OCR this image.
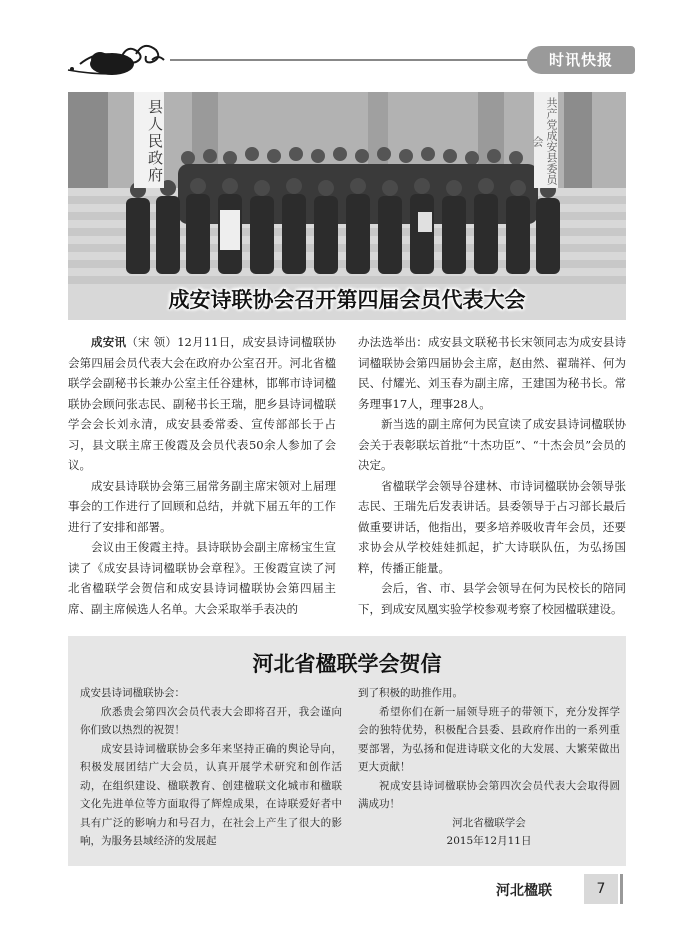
时讯快报
县人民政府	共产党成安县委员会
成安诗联协会召开第四届会员代表大会

成安讯（宋 领）12月11日，成安县诗词楹联协会第四届会员代表大会在政府办公室召开。河北省楹联学会副秘书长兼办公室主任谷建林，邯郸市诗词楹联协会顾问张志民、副秘书长王瑞，肥乡县诗词楹联学会会长刘永清，成安县委常委、宣传部部长于占习，县文联主席王俊霞及会员代表50余人参加了会议。

成安县诗联协会第三届常务副主席宋领对上届理事会的工作进行了回顾和总结，并就下届五年的工作进行了安排和部署。

会议由王俊霞主持。县诗联协会副主席杨宝生宣读了《成安县诗词楹联协会章程》。王俊霞宣读了河北省楹联学会贺信和成安县诗词楹联协会第四届主席、副主席候选人名单。大会采取举手表决的

办法选举出：成安县文联秘书长宋领同志为成安县诗词楹联协会第四届协会主席，赵由然、翟瑞祥、何为民、付耀光、刘玉春为副主席，王建国为秘书长。常务理事17人，理事28人。

新当选的副主席何为民宣读了成安县诗词楹联协会关于表彰联坛首批“十杰功臣”、“十杰会员”会员的决定。

省楹联学会领导谷建林、市诗词楹联协会领导张志民、王瑞先后发表讲话。县委领导于占习部长最后做重要讲话，他指出，要多培养吸收青年会员，还要求协会从学校娃娃抓起，扩大诗联队伍，为弘扬国粹，传播正能量。

会后，省、市、县学会领导在何为民校长的陪同下，到成安凤凰实验学校参观考察了校园楹联建设。

河北省楹联学会贺信

成安县诗词楹联协会：

欣悉贵会第四次会员代表大会即将召开，我会谨向你们致以热烈的祝贺！

成安县诗词楹联协会多年来坚持正确的舆论导向，积极发展团结广大会员，认真开展学术研究和创作活动，在组织建设、楹联教育、创建楹联文化城市和楹联文化先进单位等方面取得了辉煌成果，在诗联爱好者中具有广泛的影响力和号召力，在社会上产生了很大的影响，为服务县域经济的发展起

到了积极的助推作用。

希望你们在新一届领导班子的带领下，充分发挥学会的独特优势，积极配合县委、县政府作出的一系列重要部署，为弘扬和促进诗联文化的大发展、大繁荣做出更大贡献！

祝成安县诗词楹联协会第四次会员代表大会取得圆满成功！

河北省楹联学会

2015年12月11日

河北楹联	7
